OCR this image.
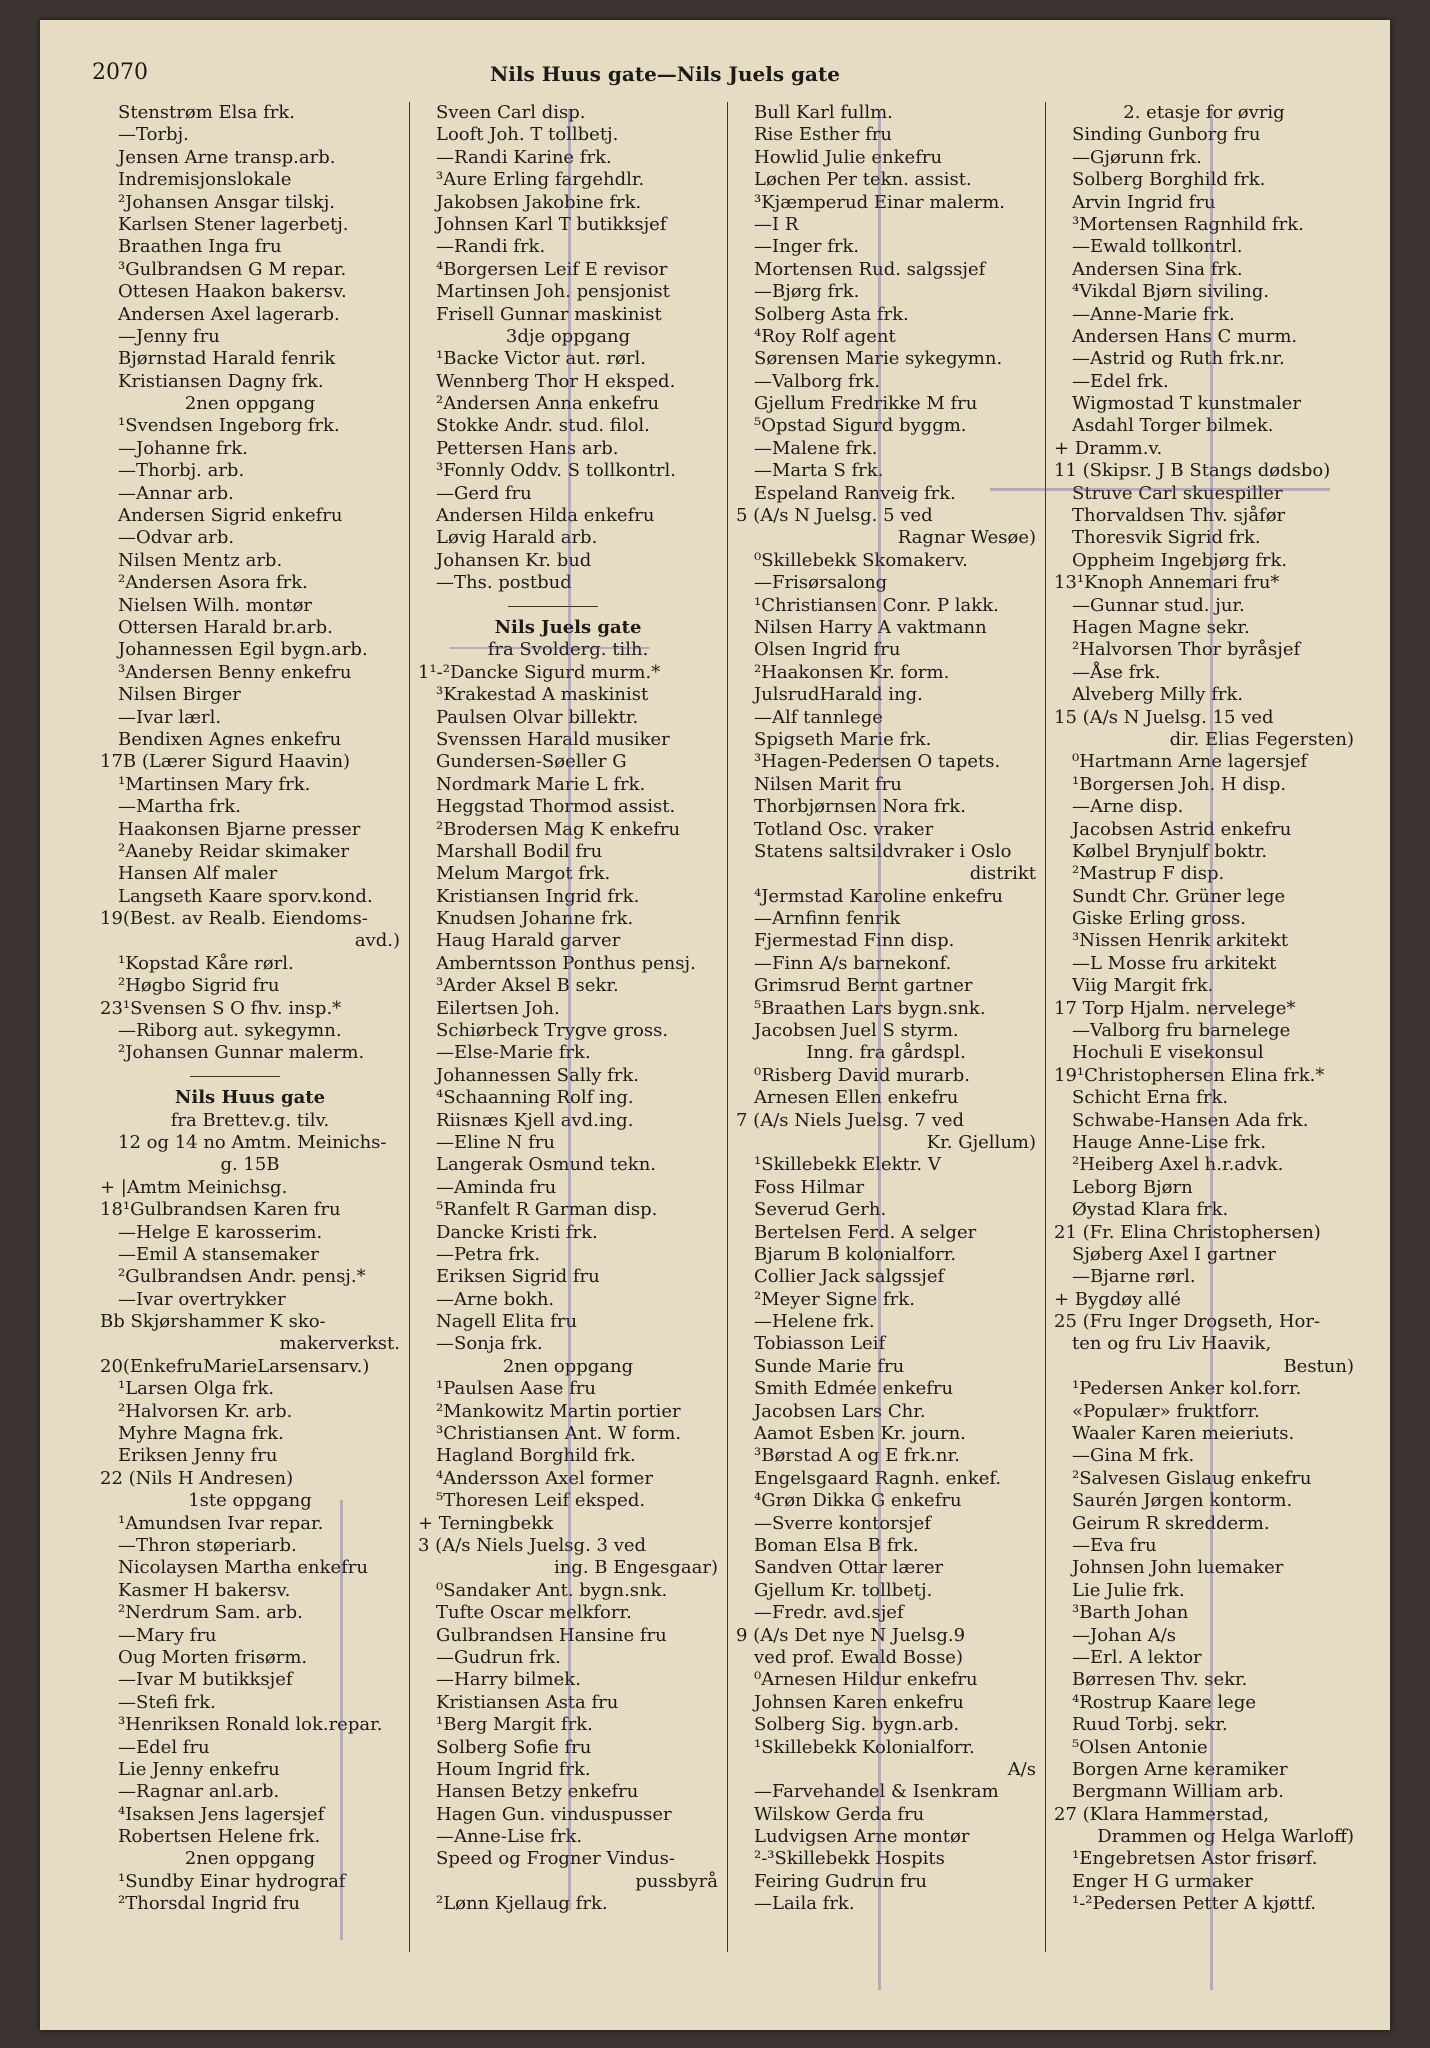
2070	Nils Huus gate—Nils Juels gate
Stenstrøm Elsa frk.
—Torbj.
Jensen Arne transp.arb.
Indremisjonslokale
²Johansen Ansgar tilskj.
Karlsen Stener lagerbetj.
Braathen Inga fru
³Gulbrandsen G M repar.
Ottesen Haakon bakersv.
Andersen Axel lagerarb.
—Jenny fru
Bjørnstad Harald fenrik
Kristiansen Dagny frk.
2nen oppgang
¹Svendsen Ingeborg frk.
—Johanne frk.
—Thorbj. arb.
—Annar arb.
Andersen Sigrid enkefru
—Odvar arb.
Nilsen Mentz arb.
²Andersen Asora frk.
Nielsen Wilh. montør
Ottersen Harald br.arb.
Johannessen Egil bygn.arb.
³Andersen Benny enkefru
Nilsen Birger
—Ivar lærl.
Bendixen Agnes enkefru
17B (Lærer Sigurd Haavin)
¹Martinsen Mary frk.
—Martha frk.
Haakonsen Bjarne presser
²Aaneby Reidar skimaker
Hansen Alf maler
Langseth Kaare sporv.kond.
19(Best. av Realb. Eiendoms-
avd.)
¹Kopstad Kåre rørl.
²Høgbo Sigrid fru
23¹Svensen S O fhv. insp.*
—Riborg aut. sykegymn.
²Johansen Gunnar malerm.
Nils Huus gate
fra Brettev.g. tilv.
12 og 14 no Amtm. Meinichs-
g. 15B
+ |Amtm Meinichsg.
18¹Gulbrandsen Karen fru
—Helge E karosserim.
—Emil A stansemaker
²Gulbrandsen Andr. pensj.*
—Ivar overtrykker
Bb Skjørshammer K sko-
makerverkst.
20(EnkefruMarieLarsensarv.)
¹Larsen Olga frk.
²Halvorsen Kr. arb.
Myhre Magna frk.
Eriksen Jenny fru
22 (Nils H Andresen)
1ste oppgang
¹Amundsen Ivar repar.
—Thron støperiarb.
Nicolaysen Martha enkefru
Kasmer H bakersv.
²Nerdrum Sam. arb.
—Mary fru
Oug Morten frisørm.
—Ivar M butikksjef
—Stefi frk.
³Henriksen Ronald lok.repar.
—Edel fru
Lie Jenny enkefru
—Ragnar anl.arb.
⁴Isaksen Jens lagersjef
Robertsen Helene frk.
2nen oppgang
¹Sundby Einar hydrograf
²Thorsdal Ingrid fru
Sveen Carl disp.
Looft Joh. T tollbetj.
—Randi Karine frk.
³Aure Erling fargehdlr.
Jakobsen Jakobine frk.
Johnsen Karl T butikksjef
—Randi frk.
⁴Borgersen Leif E revisor
Martinsen Joh. pensjonist
Frisell Gunnar maskinist
3dje oppgang
¹Backe Victor aut. rørl.
Wennberg Thor H eksped.
²Andersen Anna enkefru
Stokke Andr. stud. filol.
Pettersen Hans arb.
³Fonnly Oddv. S tollkontrl.
—Gerd fru
Andersen Hilda enkefru
Løvig Harald arb.
Johansen Kr. bud
—Ths. postbud
Nils Juels gate
fra Svolderg. tilh.
1¹-²Dancke Sigurd murm.*
³Krakestad A maskinist
Paulsen Olvar billektr.
Svenssen Harald musiker
Gundersen-Søeller G
Nordmark Marie L frk.
Heggstad Thormod assist.
²Brodersen Mag K enkefru
Marshall Bodil fru
Melum Margot frk.
Kristiansen Ingrid frk.
Knudsen Johanne frk.
Haug Harald garver
Amberntsson Ponthus pensj.
³Arder Aksel B sekr.
Eilertsen Joh.
Schiørbeck Trygve gross.
—Else-Marie frk.
Johannessen Sally frk.
⁴Schaanning Rolf ing.
Riisnæs Kjell avd.ing.
—Eline N fru
Langerak Osmund tekn.
—Aminda fru
⁵Ranfelt R Garman disp.
Dancke Kristi frk.
—Petra frk.
Eriksen Sigrid fru
—Arne bokh.
Nagell Elita fru
—Sonja frk.
2nen oppgang
¹Paulsen Aase fru
²Mankowitz Martin portier
³Christiansen Ant. W form.
Hagland Borghild frk.
⁴Andersson Axel former
⁵Thoresen Leif eksped.
+ Terningbekk
3 (A/s Niels Juelsg. 3 ved
ing. B Engesgaar)
⁰Sandaker Ant. bygn.snk.
Tufte Oscar melkforr.
Gulbrandsen Hansine fru
—Gudrun frk.
—Harry bilmek.
Kristiansen Asta fru
¹Berg Margit frk.
Solberg Sofie fru
Houm Ingrid frk.
Hansen Betzy enkefru
Hagen Gun. vinduspusser
—Anne-Lise frk.
Speed og Frogner Vindus-
pussbyrå
²Lønn Kjellaug frk.
Bull Karl fullm.
Rise Esther fru
Howlid Julie enkefru
Løchen Per tekn. assist.
³Kjæmperud Einar malerm.
—I R
—Inger frk.
Mortensen Rud. salgssjef
—Bjørg frk.
Solberg Asta frk.
⁴Roy Rolf agent
Sørensen Marie sykegymn.
—Valborg frk.
Gjellum Fredrikke M fru
⁵Opstad Sigurd byggm.
—Malene frk.
—Marta S frk.
Espeland Ranveig frk.
5 (A/s N Juelsg. 5 ved
Ragnar Wesøe)
⁰Skillebekk Skomakerv.
—Frisørsalong
¹Christiansen Conr. P lakk.
Nilsen Harry A vaktmann
Olsen Ingrid fru
²Haakonsen Kr. form.
JulsrudHarald ing.
—Alf tannlege
Spigseth Marie frk.
³Hagen-Pedersen O tapets.
Nilsen Marit fru
Thorbjørnsen Nora frk.
Totland Osc. vraker
Statens saltsildvraker i Oslo
distrikt
⁴Jermstad Karoline enkefru
—Arnfinn fenrik
Fjermestad Finn disp.
—Finn A/s barnekonf.
Grimsrud Bernt gartner
⁵Braathen Lars bygn.snk.
Jacobsen Juel S styrm.
Inng. fra gårdspl.
⁰Risberg David murarb.
Arnesen Ellen enkefru
7 (A/s Niels Juelsg. 7 ved
Kr. Gjellum)
¹Skillebekk Elektr. V
Foss Hilmar
Severud Gerh.
Bertelsen Ferd. A selger
Bjarum B kolonialforr.
Collier Jack salgssjef
²Meyer Signe frk.
—Helene frk.
Tobiasson Leif
Sunde Marie fru
Smith Edmée enkefru
Jacobsen Lars Chr.
Aamot Esben Kr. journ.
³Børstad A og E frk.nr.
Engelsgaard Ragnh. enkef.
⁴Grøn Dikka G enkefru
—Sverre kontorsjef
Boman Elsa B frk.
Sandven Ottar lærer
Gjellum Kr. tollbetj.
—Fredr. avd.sjef
9 (A/s Det nye N Juelsg.9
ved prof. Ewald Bosse)
⁰Arnesen Hildur enkefru
Johnsen Karen enkefru
Solberg Sig. bygn.arb.
¹Skillebekk Kolonialforr.
A/s
—Farvehandel & Isenkram
Wilskow Gerda fru
Ludvigsen Arne montør
²-³Skillebekk Hospits
Feiring Gudrun fru
—Laila frk.
2. etasje for øvrig
Sinding Gunborg fru
—Gjørunn frk.
Solberg Borghild frk.
Arvin Ingrid fru
³Mortensen Ragnhild frk.
—Ewald tollkontrl.
Andersen Sina frk.
⁴Vikdal Bjørn siviling.
—Anne-Marie frk.
Andersen Hans C murm.
—Astrid og Ruth frk.nr.
—Edel frk.
Wigmostad T kunstmaler
Asdahl Torger bilmek.
+ Dramm.v.
11 (Skipsr. J B Stangs dødsbo)
Struve Carl skuespiller
Thorvaldsen Thv. sjåfør
Thoresvik Sigrid frk.
Oppheim Ingebjørg frk.
13¹Knoph Annemari fru*
—Gunnar stud. jur.
Hagen Magne sekr.
²Halvorsen Thor byråsjef
—Åse frk.
Alveberg Milly frk.
15 (A/s N Juelsg. 15 ved
dir. Elias Fegersten)
⁰Hartmann Arne lagersjef
¹Borgersen Joh. H disp.
—Arne disp.
Jacobsen Astrid enkefru
Kølbel Brynjulf boktr.
²Mastrup F disp.
Sundt Chr. Grüner lege
Giske Erling gross.
³Nissen Henrik arkitekt
—L Mosse fru arkitekt
Viig Margit frk.
17 Torp Hjalm. nervelege*
—Valborg fru barnelege
Hochuli E visekonsul
19¹Christophersen Elina frk.*
Schicht Erna frk.
Schwabe-Hansen Ada frk.
Hauge Anne-Lise frk.
²Heiberg Axel h.r.advk.
Leborg Bjørn
Øystad Klara frk.
21 (Fr. Elina Christophersen)
Sjøberg Axel I gartner
—Bjarne rørl.
+ Bygdøy allé
25 (Fru Inger Drogseth, Hor-
ten og fru Liv Haavik,
Bestun)
¹Pedersen Anker kol.forr.
«Populær» fruktforr.
Waaler Karen meieriuts.
—Gina M frk.
²Salvesen Gislaug enkefru
Saurén Jørgen kontorm.
Geirum R skredderm.
—Eva fru
Johnsen John luemaker
Lie Julie frk.
³Barth Johan
—Johan A/s
—Erl. A lektor
Børresen Thv. sekr.
⁴Rostrup Kaare lege
Ruud Torbj. sekr.
⁵Olsen Antonie
Borgen Arne keramiker
Bergmann William arb.
27 (Klara Hammerstad,
Drammen og Helga Warloff)
¹Engebretsen Astor frisørf.
Enger H G urmaker
¹-²Pedersen Petter A kjøttf.
